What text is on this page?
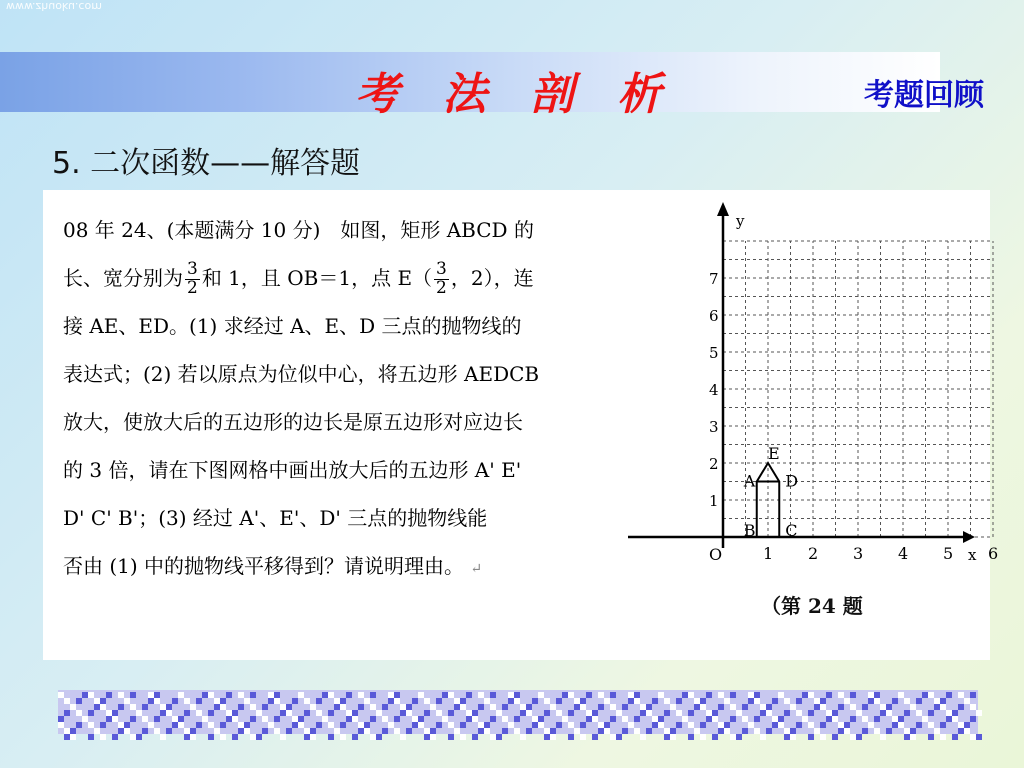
www.zhuoku.com
考 法 剖 析	考题回顾
5. 二次函数——解答题
08 年 24、(本题满分 10 分)　如图，矩形 ABCD 的
长、宽分别为 $\frac{3}{2}$ 和 1，且 OB＝1，点 $E( \frac{3}{2}$ ，2），连
接 AE、ED。(1) 求经过 A、E、D 三点的抛物线的
表达式；(2) 若以原点为位似中心，将五边形 AEDCB
放大，使放大后的五边形的边长是原五边形对应边长
的 3 倍，请在下图网格中画出放大后的五边形 A' E'
D' C' B'；(3) 经过 A'、E'、D' 三点的抛物线能
否由 (1) 中的抛物线平移得到？请说明理由。 ↵
1 2 3 4 5 6
1
2
3
4
5
6
7
A
E
D
C
B
y
x
O
（第 24 题
